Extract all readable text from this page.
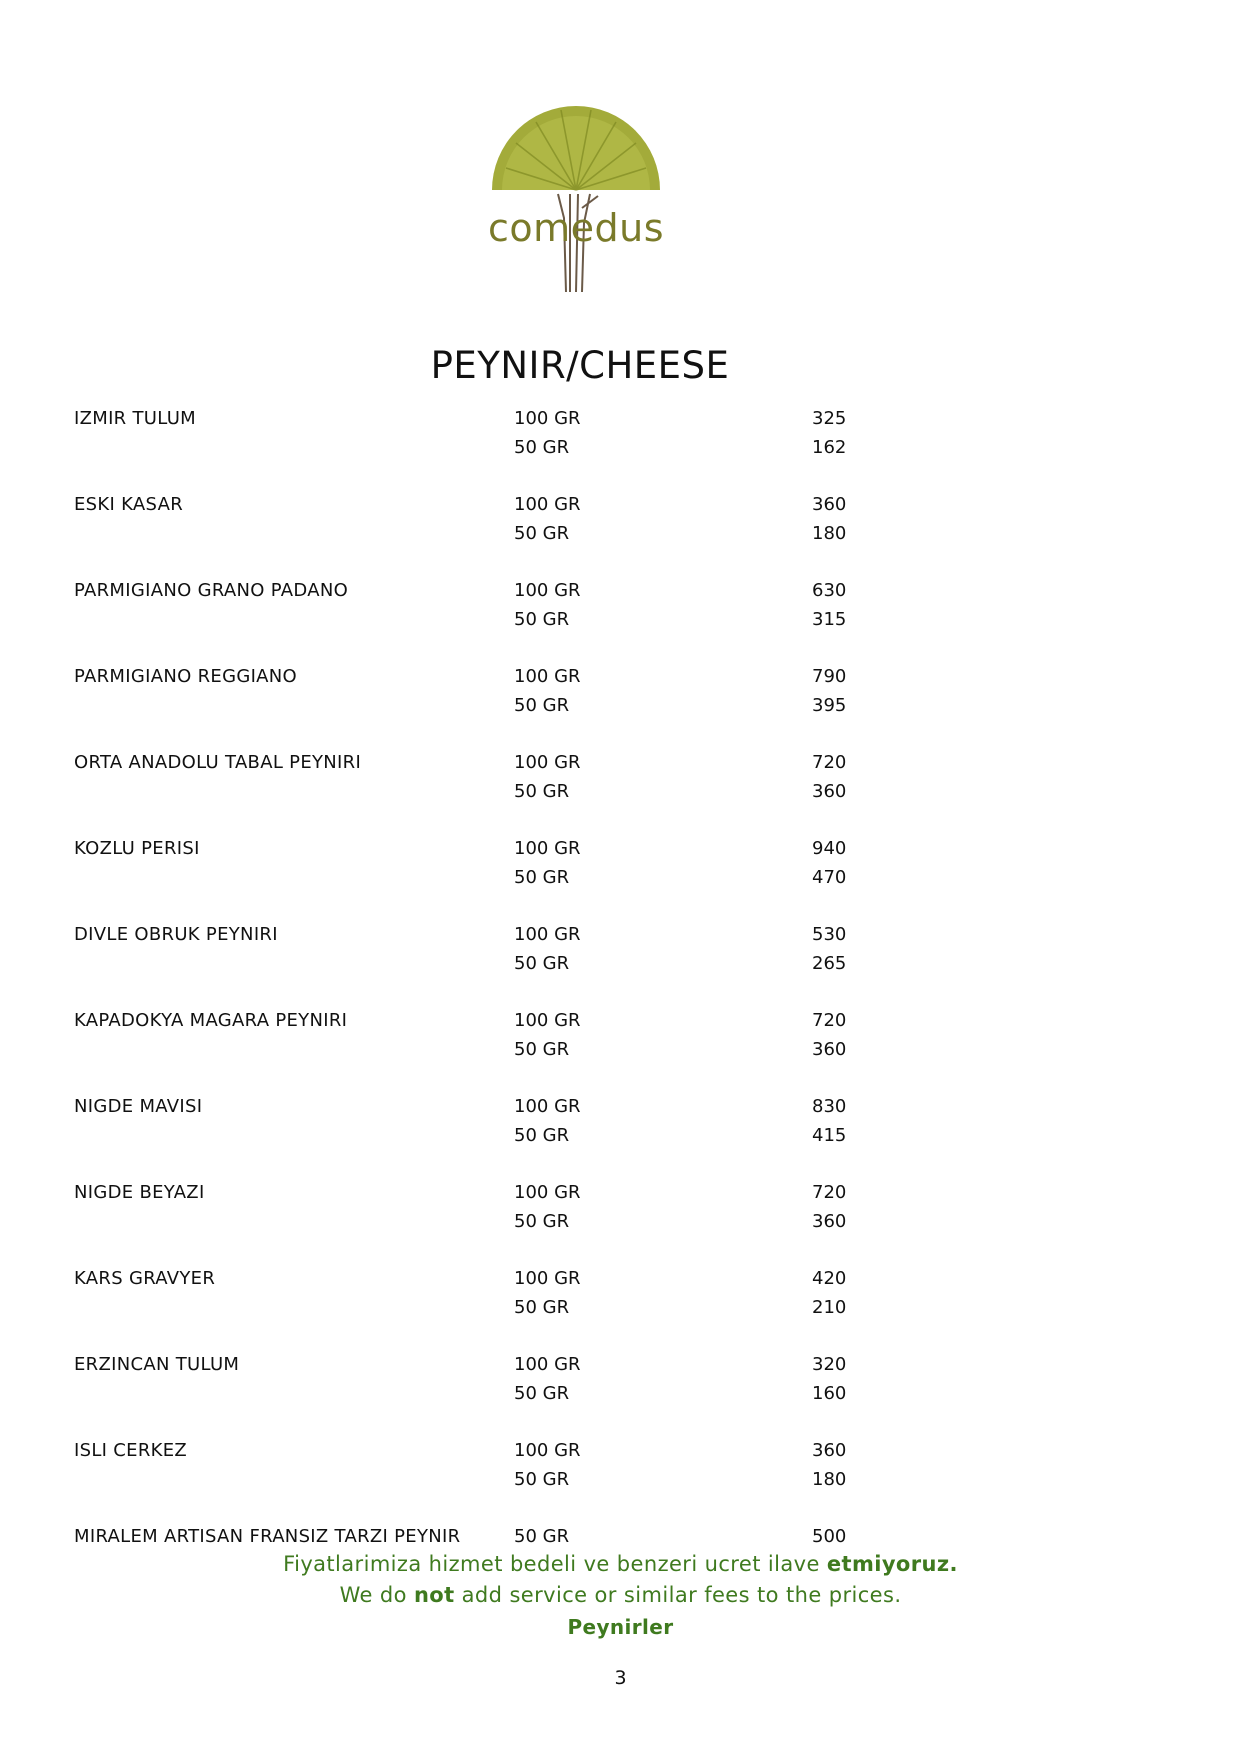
comedus
PEYNIR/CHEESE
IZMIR TULUM	100 GR	325
50 GR	162
ESKI KASAR	100 GR	360
50 GR	180
PARMIGIANO GRANO PADANO	100 GR	630
50 GR	315
PARMIGIANO REGGIANO	100 GR	790
50 GR	395
ORTA ANADOLU TABAL PEYNIRI	100 GR	720
50 GR	360
KOZLU PERISI	100 GR	940
50 GR	470
DIVLE OBRUK PEYNIRI	100 GR	530
50 GR	265
KAPADOKYA MAGARA PEYNIRI	100 GR	720
50 GR	360
NIGDE MAVISI	100 GR	830
50 GR	415
NIGDE BEYAZI	100 GR	720
50 GR	360
KARS GRAVYER	100 GR	420
50 GR	210
ERZINCAN TULUM	100 GR	320
50 GR	160
ISLI CERKEZ	100 GR	360
50 GR	180
MIRALEM ARTISAN FRANSIZ TARZI PEYNIR	50 GR	500
Fiyatlarimiza hizmet bedeli ve benzeri ucret ilave etmiyoruz.
We do not add service or similar fees to the prices.
Peynirler
3
